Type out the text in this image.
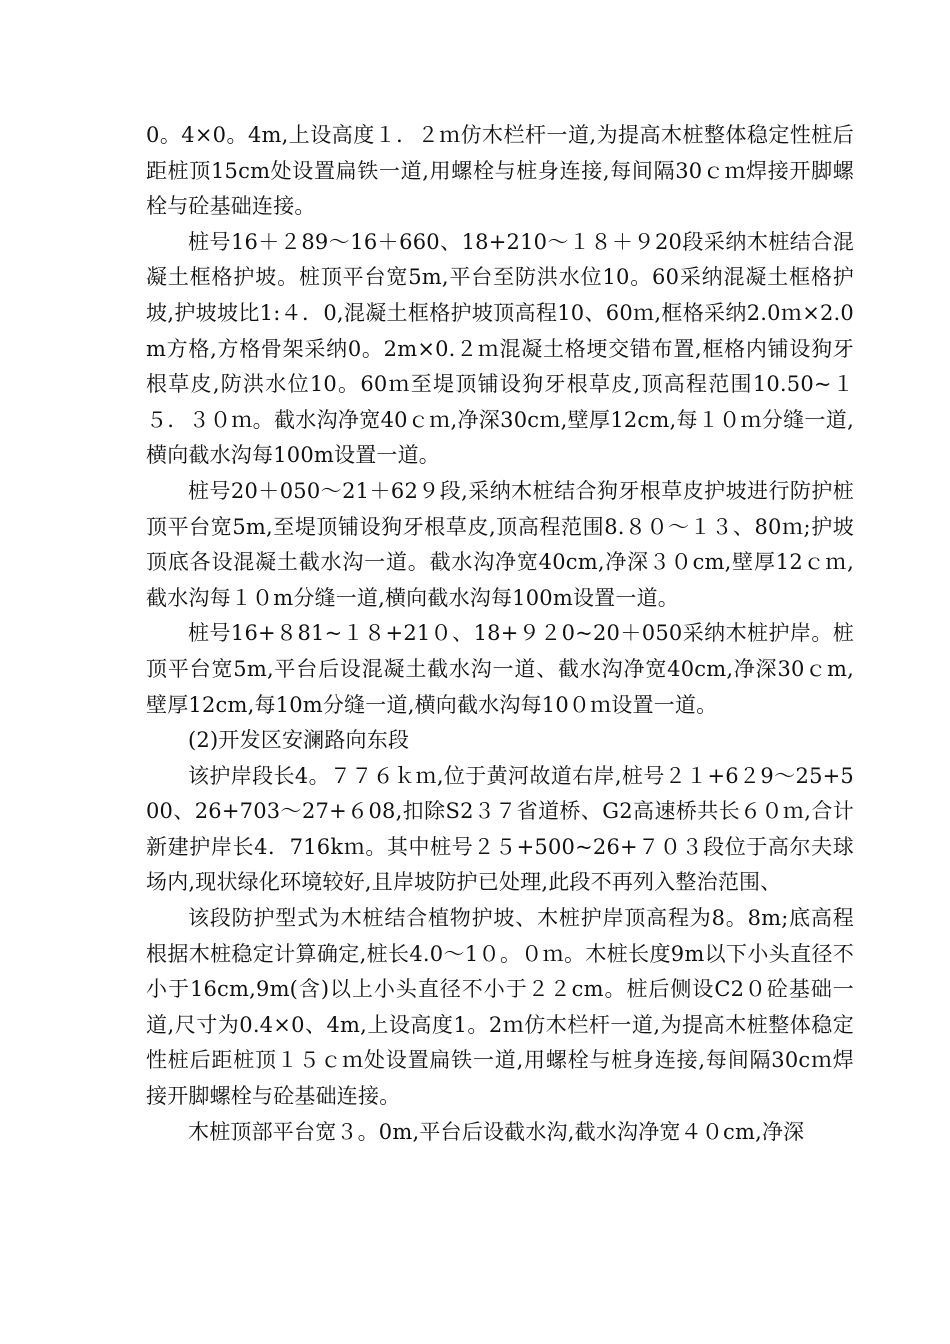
0。4×0。4m,上设高度１．２ｍ仿木栏杆一道,为提高木桩整体稳定性桩后距桩顶15cm处设置扁铁一道,用螺栓与桩身连接,每间隔30ｃｍ焊接开脚螺栓与砼基础连接。

桩号16＋２89～16＋660、18+210～１８＋９20段采纳木桩结合混凝土框格护坡。桩顶平台宽5m,平台至防洪水位10。60采纳混凝土框格护坡,护坡坡比1:４．0,混凝土框格护坡顶高程10、60ｍ,框格采纳2.0ｍ×2.0m方格,方格骨架采纳0。2m×0.２ｍ混凝土格埂交错布置,框格内铺设狗牙根草皮,防洪水位10。60ｍ至堤顶铺设狗牙根草皮,顶高程范围10.50~１５．３０ｍ。截水沟净宽40ｃｍ,净深30cｍ,壁厚12cm,每１０ｍ分缝一道,横向截水沟每100m设置一道。

桩号20＋050～21＋62９段,采纳木桩结合狗牙根草皮护坡进行防护桩顶平台宽5m,至堤顶铺设狗牙根草皮,顶高程范围8.８０～１３、80ｍ;护坡顶底各设混凝土截水沟一道。截水沟净宽40cm,净深３０cm,壁厚12ｃｍ,截水沟每１０m分缝一道,横向截水沟每100m设置一道。

桩号16+８81~１８+21０、18+９２0~20＋050采纳木桩护岸。桩顶平台宽5m,平台后设混凝土截水沟一道、截水沟净宽40cm,净深30ｃm,壁厚12cm,每10m分缝一道,横向截水沟每10０ｍ设置一道。

(2)开发区安澜路向东段

该护岸段长4。７７６ｋｍ,位于黄河故道右岸,桩号２１+6２9～25+500、26+703～27+６08,扣除S2３７省道桥、G2高速桥共长６０ｍ,合计新建护岸长4．716kｍ。其中桩号２５+500~26+７０３段位于高尔夫球场内,现状绿化环境较好,且岸坡防护已处理,此段不再列入整治范围、

该段防护型式为木桩结合植物护坡、木桩护岸顶高程为8。8m;底高程根据木桩稳定计算确定,桩长4.0～1０。０ｍ。木桩长度9m以下小头直径不小于16cm,9m(含)以上小头直径不小于２２cm。桩后侧设C2０砼基础一道,尺寸为0.4×0、4m,上设高度1。2ｍ仿木栏杆一道,为提高木桩整体稳定性桩后距桩顶１５ｃｍ处设置扁铁一道,用螺栓与桩身连接,每间隔30cｍ焊接开脚螺栓与砼基础连接。

木桩顶部平台宽３。0m,平台后设截水沟,截水沟净宽４０cm,净深
